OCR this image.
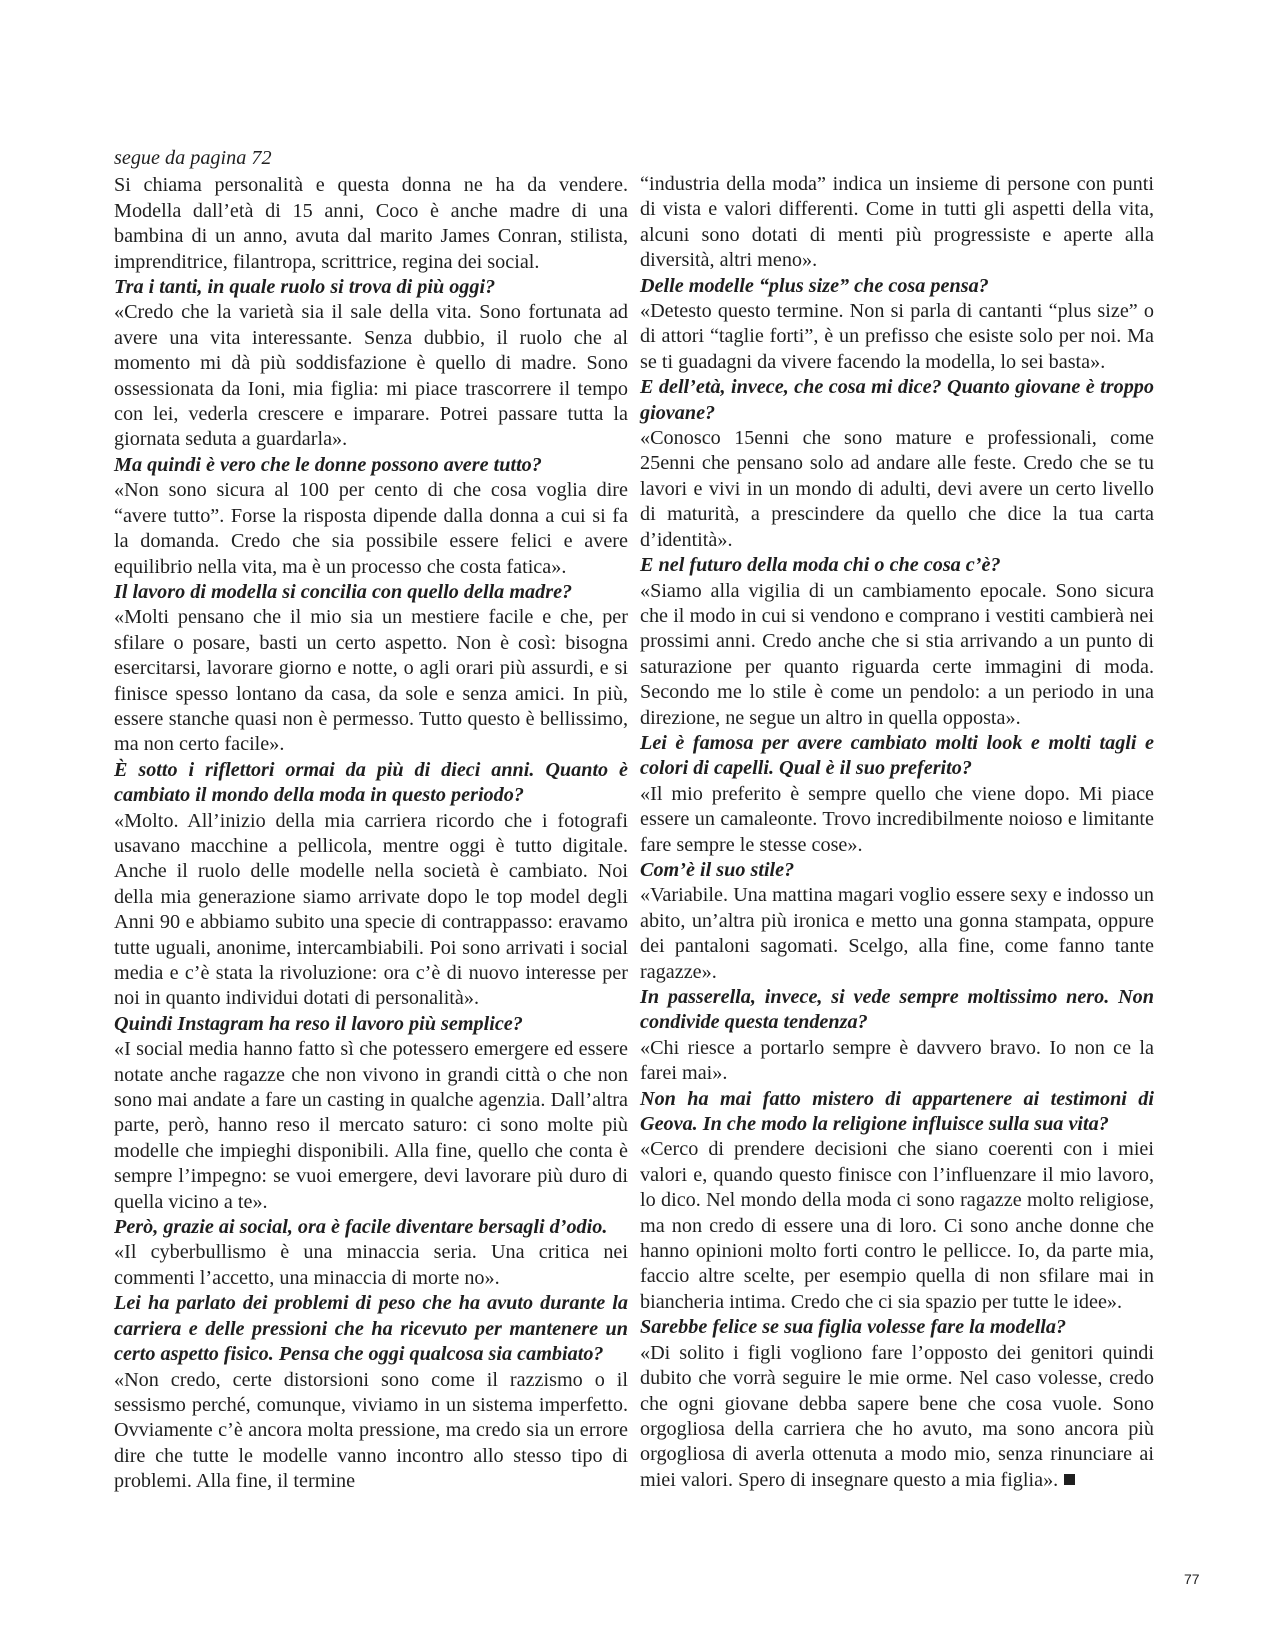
segue da pagina 72

Si chiama personalità e questa donna ne ha da vendere. Modella dall’età di 15 anni, Coco è anche madre di una bambina di un anno, avuta dal marito James Conran, stilista, imprenditrice, filantropa, scrittrice, regina dei social.

Tra i tanti, in quale ruolo si trova di più oggi?

«Credo che la varietà sia il sale della vita. Sono fortunata ad avere una vita interessante. Senza dubbio, il ruolo che al momento mi dà più soddisfazione è quello di madre. Sono ossessionata da Ioni, mia figlia: mi piace trascorrere il tempo con lei, vederla crescere e imparare. Potrei passare tutta la giornata seduta a guardarla».

Ma quindi è vero che le donne possono avere tutto?

«Non sono sicura al 100 per cento di che cosa voglia dire “avere tutto”. Forse la risposta dipende dalla donna a cui si fa la domanda. Credo che sia possibile essere felici e avere equilibrio nella vita, ma è un processo che costa fatica».

Il lavoro di modella si concilia con quello della madre?

«Molti pensano che il mio sia un mestiere facile e che, per sfilare o posare, basti un certo aspetto. Non è così: bisogna esercitarsi, lavorare giorno e notte, o agli orari più assurdi, e si finisce spesso lontano da casa, da sole e senza amici. In più, essere stanche quasi non è permesso. Tutto questo è bellissimo, ma non certo facile».

È sotto i riflettori ormai da più di dieci anni. Quanto è cambiato il mondo della moda in questo periodo?

«Molto. All’inizio della mia carriera ricordo che i fotografi usavano macchine a pellicola, mentre oggi è tutto digitale. Anche il ruolo delle modelle nella società è cambiato. Noi della mia generazione siamo arrivate dopo le top model degli Anni 90 e abbiamo subito una specie di contrappasso: eravamo tutte uguali, anonime, intercambiabili. Poi sono arrivati i social media e c’è stata la rivoluzione: ora c’è di nuovo interesse per noi in quanto individui dotati di personalità».

Quindi Instagram ha reso il lavoro più semplice?

«I social media hanno fatto sì che potessero emergere ed essere notate anche ragazze che non vivono in grandi città o che non sono mai andate a fare un casting in qualche agenzia. Dall’altra parte, però, hanno reso il mercato saturo: ci sono molte più modelle che impieghi disponibili. Alla fine, quello che conta è sempre l’impegno: se vuoi emergere, devi lavorare più duro di quella vicino a te».

Però, grazie ai social, ora è facile diventare bersagli d’odio.

«Il cyberbullismo è una minaccia seria. Una critica nei commenti l’accetto, una minaccia di morte no».

Lei ha parlato dei problemi di peso che ha avuto durante la carriera e delle pressioni che ha ricevuto per mantenere un certo aspetto fisico. Pensa che oggi qualcosa sia cambiato?

«Non credo, certe distorsioni sono come il razzismo o il sessismo perché, comunque, viviamo in un sistema imperfetto. Ovviamente c’è ancora molta pressione, ma credo sia un errore dire che tutte le modelle vanno incontro allo stesso tipo di problemi. Alla fine, il termine

“industria della moda” indica un insieme di persone con punti di vista e valori differenti. Come in tutti gli aspetti della vita, alcuni sono dotati di menti più progressiste e aperte alla diversità, altri meno».

Delle modelle “plus size” che cosa pensa?

«Detesto questo termine. Non si parla di cantanti “plus size” o di attori “taglie forti”, è un prefisso che esiste solo per noi. Ma se ti guadagni da vivere facendo la modella, lo sei basta».

E dell’età, invece, che cosa mi dice? Quanto giovane è troppo giovane?

«Conosco 15enni che sono mature e professionali, come 25enni che pensano solo ad andare alle feste. Credo che se tu lavori e vivi in un mondo di adulti, devi avere un certo livello di maturità, a prescindere da quello che dice la tua carta d’identità».

E nel futuro della moda chi o che cosa c’è?

«Siamo alla vigilia di un cambiamento epocale. Sono sicura che il modo in cui si vendono e comprano i vestiti cambierà nei prossimi anni. Credo anche che si stia arrivando a un punto di saturazione per quanto riguarda certe immagini di moda. Secondo me lo stile è come un pendolo: a un periodo in una direzione, ne segue un altro in quella opposta».

Lei è famosa per avere cambiato molti look e molti tagli e colori di capelli. Qual è il suo preferito?

«Il mio preferito è sempre quello che viene dopo. Mi piace essere un camaleonte. Trovo incredibilmente noioso e limitante fare sempre le stesse cose».

Com’è il suo stile?

«Variabile. Una mattina magari voglio essere sexy e indosso un abito, un’altra più ironica e metto una gonna stampata, oppure dei pantaloni sagomati. Scelgo, alla fine, come fanno tante ragazze».

In passerella, invece, si vede sempre moltissimo nero. Non condivide questa tendenza?

«Chi riesce a portarlo sempre è davvero bravo. Io non ce la farei mai».

Non ha mai fatto mistero di appartenere ai testimoni di Geova. In che modo la religione influisce sulla sua vita?

«Cerco di prendere decisioni che siano coerenti con i miei valori e, quando questo finisce con l’influenzare il mio lavoro, lo dico. Nel mondo della moda ci sono ragazze molto religiose, ma non credo di essere una di loro. Ci sono anche donne che hanno opinioni molto forti contro le pellicce. Io, da parte mia, faccio altre scelte, per esempio quella di non sfilare mai in biancheria intima. Credo che ci sia spazio per tutte le idee».

Sarebbe felice se sua figlia volesse fare la modella?

«Di solito i figli vogliono fare l’opposto dei genitori quindi dubito che vorrà seguire le mie orme. Nel caso volesse, credo che ogni giovane debba sapere bene che cosa vuole. Sono orgogliosa della carriera che ho avuto, ma sono ancora più orgogliosa di averla ottenuta a modo mio, senza rinunciare ai miei valori. Spero di insegnare questo a mia figlia».

77
